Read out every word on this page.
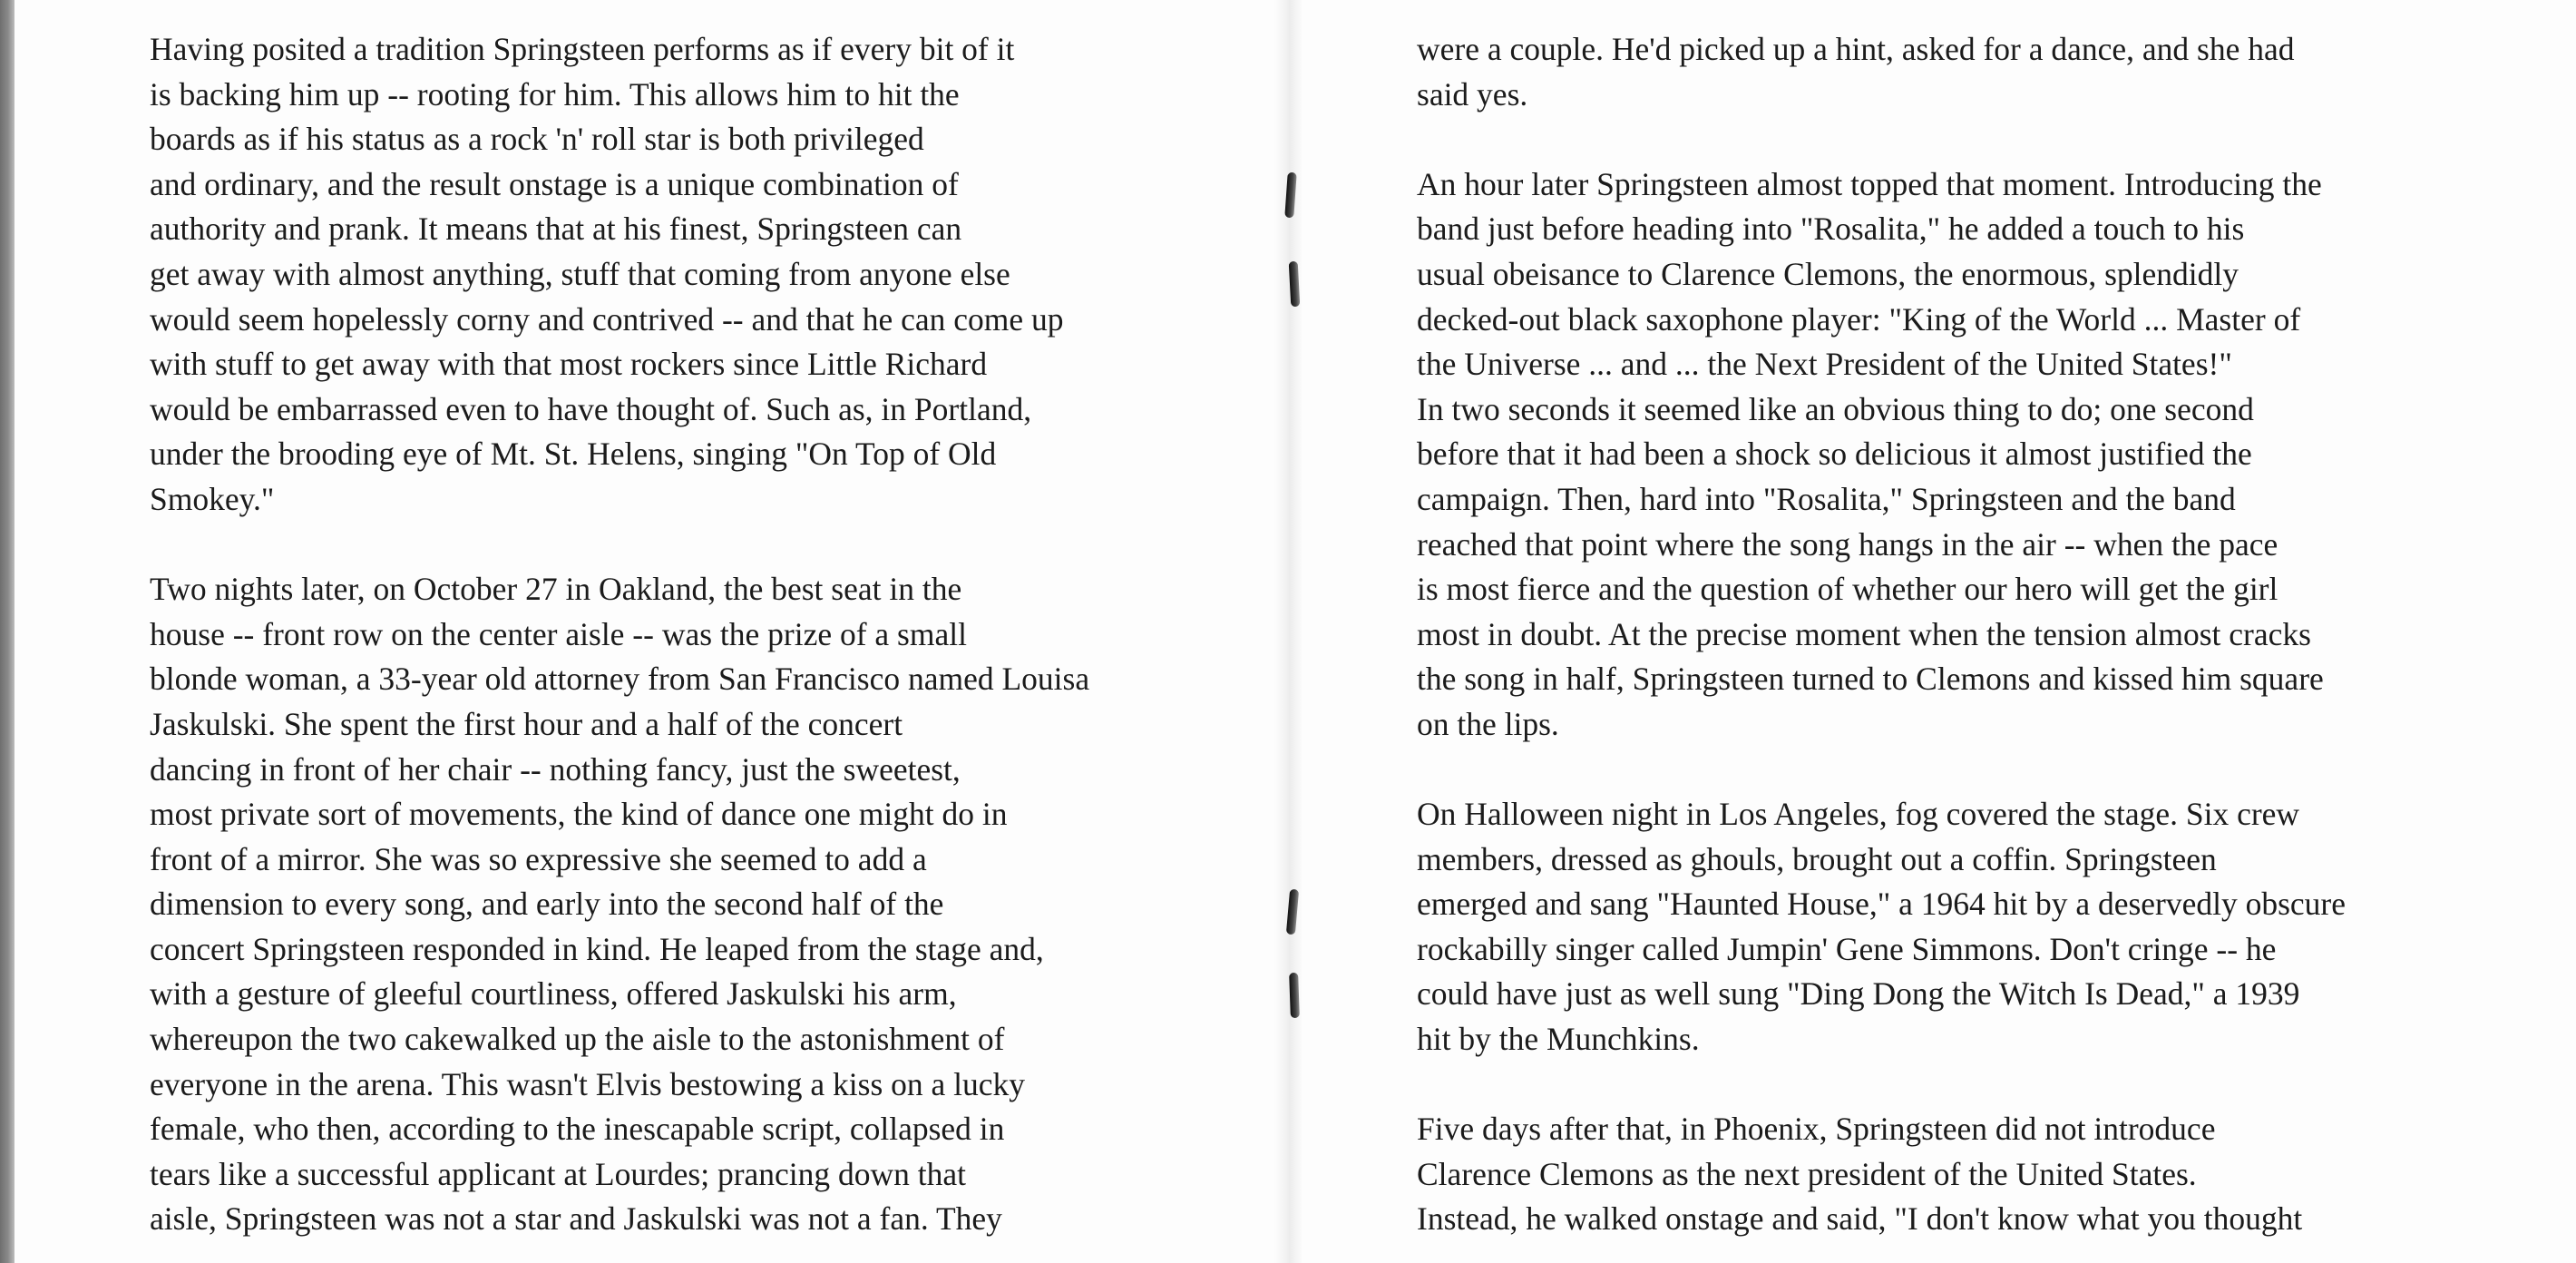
Having posited a tradition Springsteen performs as if every bit of it
is backing him up -- rooting for him. This allows him to hit the
boards as if his status as a rock 'n' roll star is both privileged
and ordinary, and the result onstage is a unique combination of
authority and prank. It means that at his finest, Springsteen can
get away with almost anything, stuff that coming from anyone else
would seem hopelessly corny and contrived -- and that he can come up
with stuff to get away with that most rockers since Little Richard
would be embarrassed even to have thought of. Such as, in Portland,
under the brooding eye of Mt. St. Helens, singing "On Top of Old
Smokey."
Two nights later, on October 27 in Oakland, the best seat in the
house -- front row on the center aisle -- was the prize of a small
blonde woman, a 33-year old attorney from San Francisco named Louisa
Jaskulski. She spent the first hour and a half of the concert
dancing in front of her chair -- nothing fancy, just the sweetest,
most private sort of movements, the kind of dance one might do in
front of a mirror. She was so expressive she seemed to add a
dimension to every song, and early into the second half of the
concert Springsteen responded in kind. He leaped from the stage and,
with a gesture of gleeful courtliness, offered Jaskulski his arm,
whereupon the two cakewalked up the aisle to the astonishment of
everyone in the arena. This wasn't Elvis bestowing a kiss on a lucky
female, who then, according to the inescapable script, collapsed in
tears like a successful applicant at Lourdes; prancing down that
aisle, Springsteen was not a star and Jaskulski was not a fan. They
were a couple. He'd picked up a hint, asked for a dance, and she had
said yes.
An hour later Springsteen almost topped that moment. Introducing the
band just before heading into "Rosalita," he added a touch to his
usual obeisance to Clarence Clemons, the enormous, splendidly
decked-out black saxophone player: "King of the World ... Master of
the Universe ... and ... the Next President of the United States!"
In two seconds it seemed like an obvious thing to do; one second
before that it had been a shock so delicious it almost justified the
campaign. Then, hard into "Rosalita," Springsteen and the band
reached that point where the song hangs in the air -- when the pace
is most fierce and the question of whether our hero will get the girl
most in doubt. At the precise moment when the tension almost cracks
the song in half, Springsteen turned to Clemons and kissed him square
on the lips.
On Halloween night in Los Angeles, fog covered the stage. Six crew
members, dressed as ghouls, brought out a coffin. Springsteen
emerged and sang "Haunted House," a 1964 hit by a deservedly obscure
rockabilly singer called Jumpin' Gene Simmons. Don't cringe -- he
could have just as well sung "Ding Dong the Witch Is Dead," a 1939
hit by the Munchkins.
Five days after that, in Phoenix, Springsteen did not introduce
Clarence Clemons as the next president of the United States.
Instead, he walked onstage and said, "I don't know what you thought
